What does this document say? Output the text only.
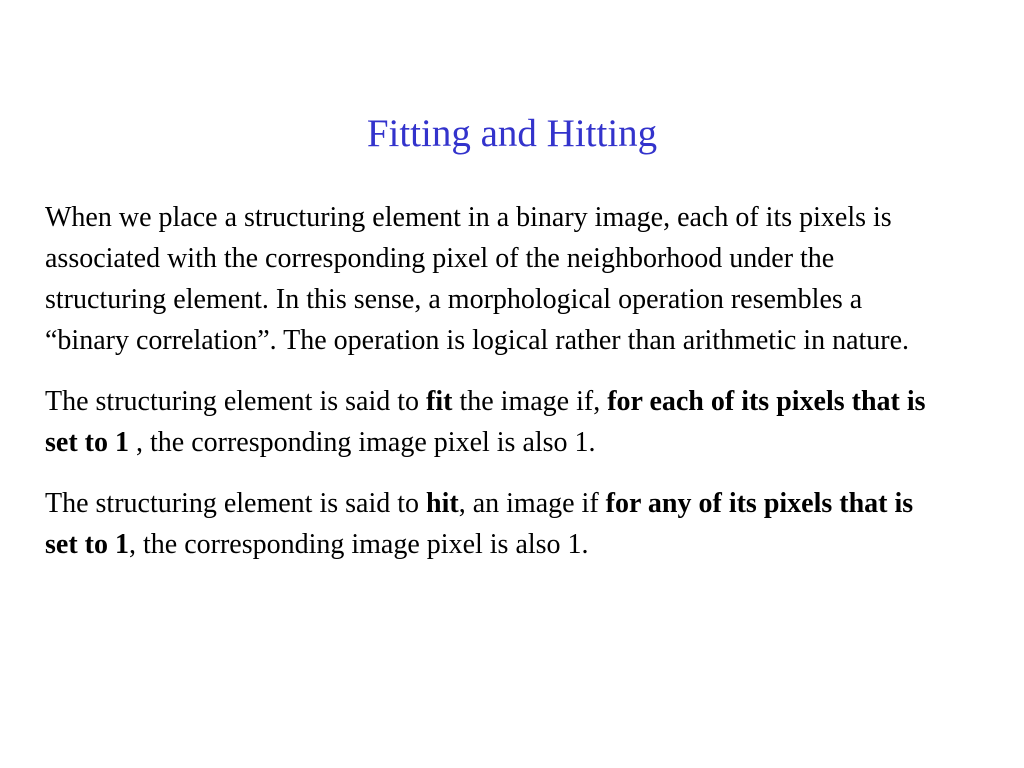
Fitting and Hitting

When we place a structuring element in a binary image, each of its pixels is associated with the corresponding pixel of the neighborhood under the structuring element. In this sense, a morphological operation resembles a “binary correlation”. The operation is logical rather than arithmetic in nature.

The structuring element is said to fit the image if, for each of its pixels that is set to 1 , the corresponding image pixel is also 1.

The structuring element is said to hit, an image if for any of its pixels that is set to 1, the corresponding image pixel is also 1.
